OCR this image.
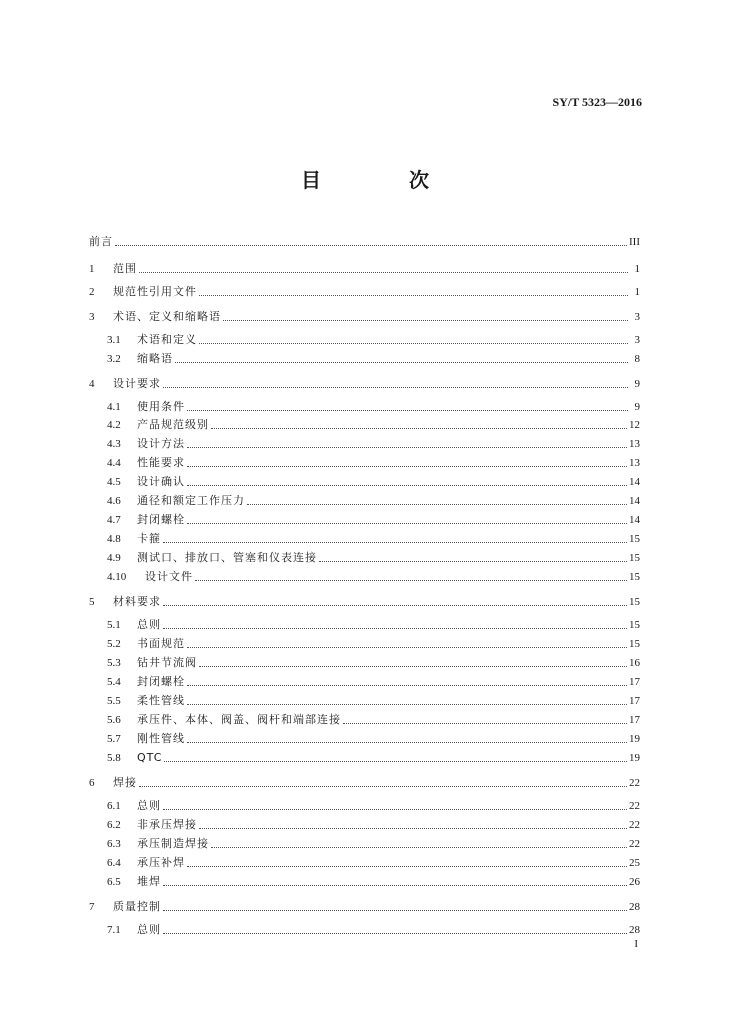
SY/T 5323—2016
目　次
前言	III
1	范围	1
2	规范性引用文件	1
3	术语、定义和缩略语	3
3.1	术语和定义	3
3.2	缩略语	8
4	设计要求	9
4.1	使用条件	9
4.2	产品规范级别	12
4.3	设计方法	13
4.4	性能要求	13
4.5	设计确认	14
4.6	通径和额定工作压力	14
4.7	封闭螺栓	14
4.8	卡箍	15
4.9	测试口、排放口、管塞和仪表连接	15
4.10	设计文件	15
5	材料要求	15
5.1	总则	15
5.2	书面规范	15
5.3	钻井节流阀	16
5.4	封闭螺栓	17
5.5	柔性管线	17
5.6	承压件、本体、阀盖、阀杆和端部连接	17
5.7	刚性管线	19
5.8	QTC	19
6	焊接	22
6.1	总则	22
6.2	非承压焊接	22
6.3	承压制造焊接	22
6.4	承压补焊	25
6.5	堆焊	26
7	质量控制	28
7.1	总则	28
I
